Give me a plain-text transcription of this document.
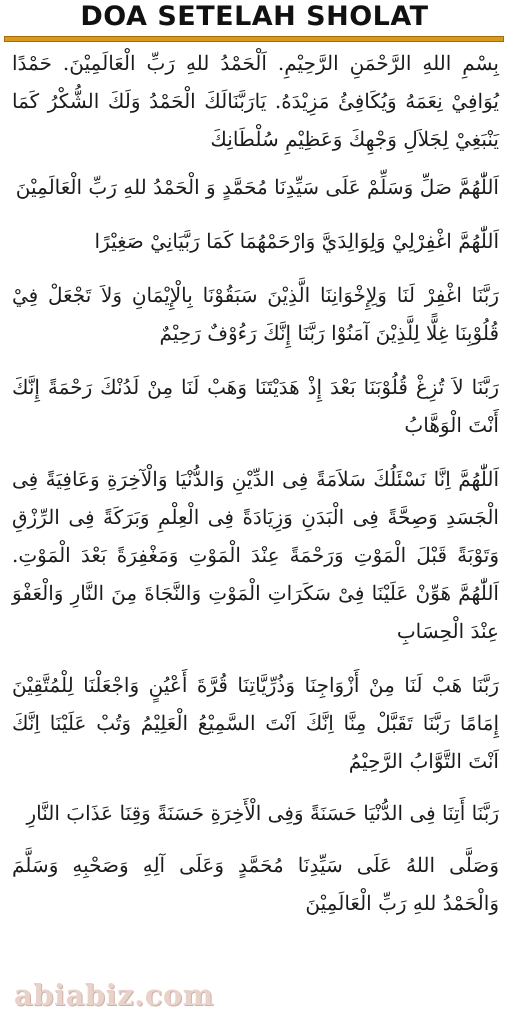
DOA SETELAH SHOLAT

بِسْمِ اللهِ الرَّحْمَنِ الرَّحِيْمِ. اَلْحَمْدُ للهِ رَبِّ الْعَالَمِيْنَ. حَمْدًا يُوَافِيْ نِعَمَهُ وَيُكَافِئُ مَزِيْدَهُ. يَارَبَّنَالَكَ الْحَمْدُ وَلَكَ الشُّكْرُ كَمَا يَنْبَغِيْ لِجَلاَلِ وَجْهِكَ وَعَظِيْمِ سُلْطَانِكَ

اَللّٰهُمَّ صَلِّ وَسَلِّمْ عَلَى سَيِّدِنَا مُحَمَّدٍ وَ الْحَمْدُ للهِ رَبِّ الْعَالَمِيْنَ

اَللّٰهُمَّ اغْفِرْلِيْ وَلِوَالِدَيَّ وَارْحَمْهُمَا كَمَا رَبَّيَانِيْ صَغِيْرًا

رَبَّنَا اغْفِرْ لَنَا وَلِإِخْوَانِنَا الَّذِيْنَ سَبَقُوْنَا بِالْإِيْمَانِ وَلاَ تَجْعَلْ فِيْ قُلُوْبِنَا غِلًّا لِلَّذِيْنَ آمَنُوْا رَبَّنَا إِنَّكَ رَءُوْفٌ رَحِيْمٌ

رَبَّنَا لاَ تُزِغْ قُلُوْبَنَا بَعْدَ إِذْ هَدَيْتَنَا وَهَبْ لَنَا مِنْ لَدُنْكَ رَحْمَةً إِنَّكَ أَنْتَ الْوَهَّابُ

اَللّٰهُمَّ اِنَّا نَسْئَلُكَ سَلاَمَةً فِى الدِّيْنِ وَالدُّنْيَا وَالْآخِرَةِ وَعَافِيَةً فِى الْجَسَدِ وَصِحَّةً فِى الْبَدَنِ وَزِيَادَةً فِى الْعِلْمِ وَبَرَكَةً فِى الرِّزْقِ وَتَوْبَةً قَبْلَ الْمَوْتِ وَرَحْمَةً عِنْدَ الْمَوْتِ وَمَغْفِرَةً بَعْدَ الْمَوْتِ. اَللّٰهُمَّ هَوِّنْ عَلَيْنَا فِىْ سَكَرَاتِ الْمَوْتِ وَالنَّجَاةَ مِنَ النَّارِ وَالْعَفْوَ عِنْدَ الْحِسَابِ

رَبَّنَا هَبْ لَنَا مِنْ أَزْوَاجِنَا وَذُرِّيَّاتِنَا قُرَّةَ أَعْيُنٍ وَاجْعَلْنَا لِلْمُتَّقِيْنَ إِمَامًا رَبَّنَا تَقَبَّلْ مِنَّا اِنَّكَ اَنْتَ السَّمِيْعُ الْعَلِيْمُ وَتُبْ عَلَيْنَا اِنَّكَ اَنْتَ التَّوَّابُ الرَّحِيْمُ

رَبَّنَا أَتِنَا فِى الدُّنْيَا حَسَنَةً وَفِى الْأَخِرَةِ حَسَنَةً وَقِنَا عَذَابَ النَّارِ

وَصَلَّى اللهُ عَلَى سَيِّدِنَا مُحَمَّدٍ وَعَلَى آلِهِ وَصَحْبِهِ وَسَلَّمَ وَالْحَمْدُ للهِ رَبِّ الْعَالَمِيْنَ

abiabiz.com
